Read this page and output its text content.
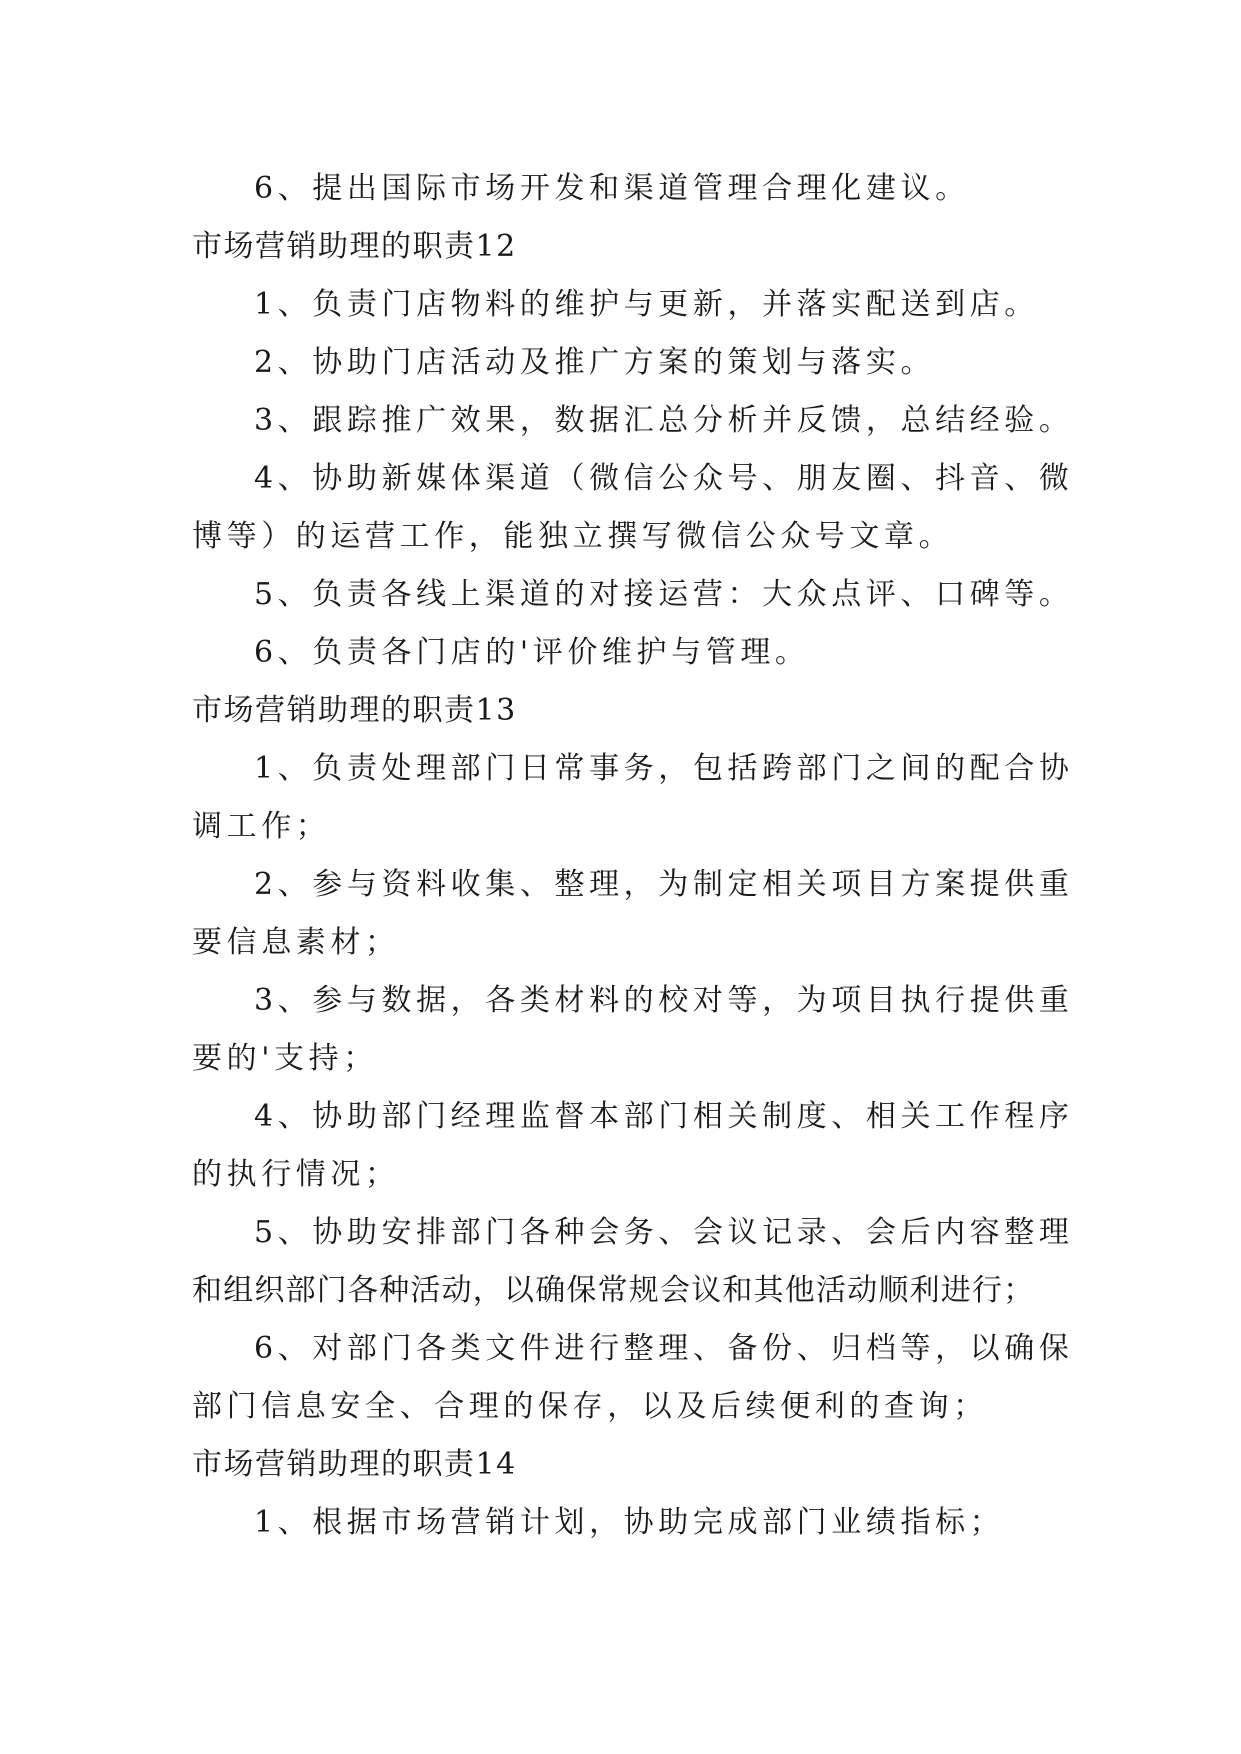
6、提出国际市场开发和渠道管理合理化建议。
市场营销助理的职责12
1、负责门店物料的维护与更新，并落实配送到店。
2、协助门店活动及推广方案的策划与落实。
3、跟踪推广效果，数据汇总分析并反馈，总结经验。
4、协助新媒体渠道（微信公众号、朋友圈、抖音、微
博等）的运营工作，能独立撰写微信公众号文章。
5、负责各线上渠道的对接运营：大众点评、口碑等。
6、负责各门店的'评价维护与管理。
市场营销助理的职责13
1、负责处理部门日常事务，包括跨部门之间的配合协
调工作；
2、参与资料收集、整理，为制定相关项目方案提供重
要信息素材；
3、参与数据，各类材料的校对等，为项目执行提供重
要的'支持；
4、协助部门经理监督本部门相关制度、相关工作程序
的执行情况；
5、协助安排部门各种会务、会议记录、会后内容整理
和组织部门各种活动，以确保常规会议和其他活动顺利进行；
6、对部门各类文件进行整理、备份、归档等，以确保
部门信息安全、合理的保存，以及后续便利的查询；
市场营销助理的职责14
1、根据市场营销计划，协助完成部门业绩指标；
